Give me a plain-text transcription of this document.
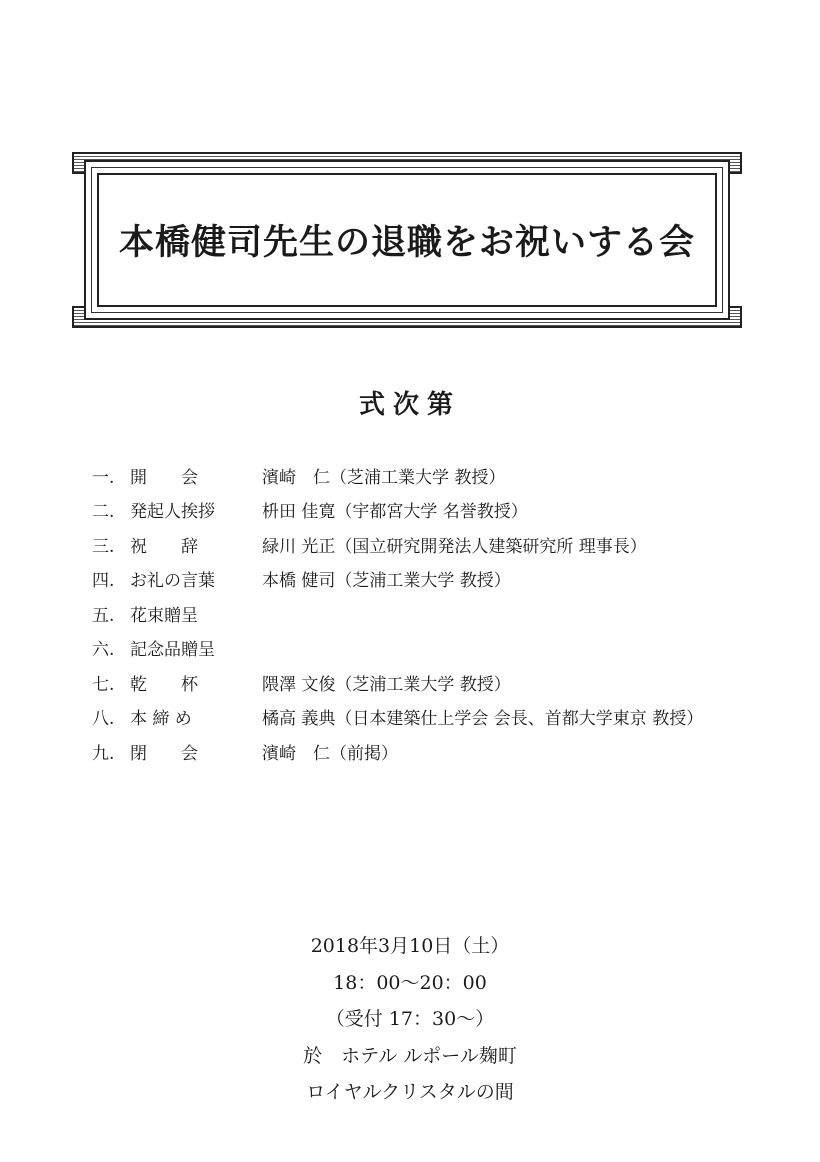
本橋健司先生の退職をお祝いする会
式次第
一. 開　　会	濱崎　仁（芝浦工業大学 教授）
二. 発起人挨拶	枡田 佳寛（宇都宮大学 名誉教授）
三. 祝　　辞	緑川 光正（国立研究開発法人建築研究所 理事長）
四. お礼の言葉	本橋 健司（芝浦工業大学 教授）
五. 花束贈呈
六. 記念品贈呈
七. 乾　　杯	隈澤 文俊（芝浦工業大学 教授）
八. 本 締 め	橘高 義典（日本建築仕上学会 会長、首都大学東京 教授）
九. 閉　　会	濱崎　仁（前掲）
2018年3月10日（土）
18：00〜20：00
（受付 17：30〜）
於　ホテル ルポール麹町
ロイヤルクリスタルの間
